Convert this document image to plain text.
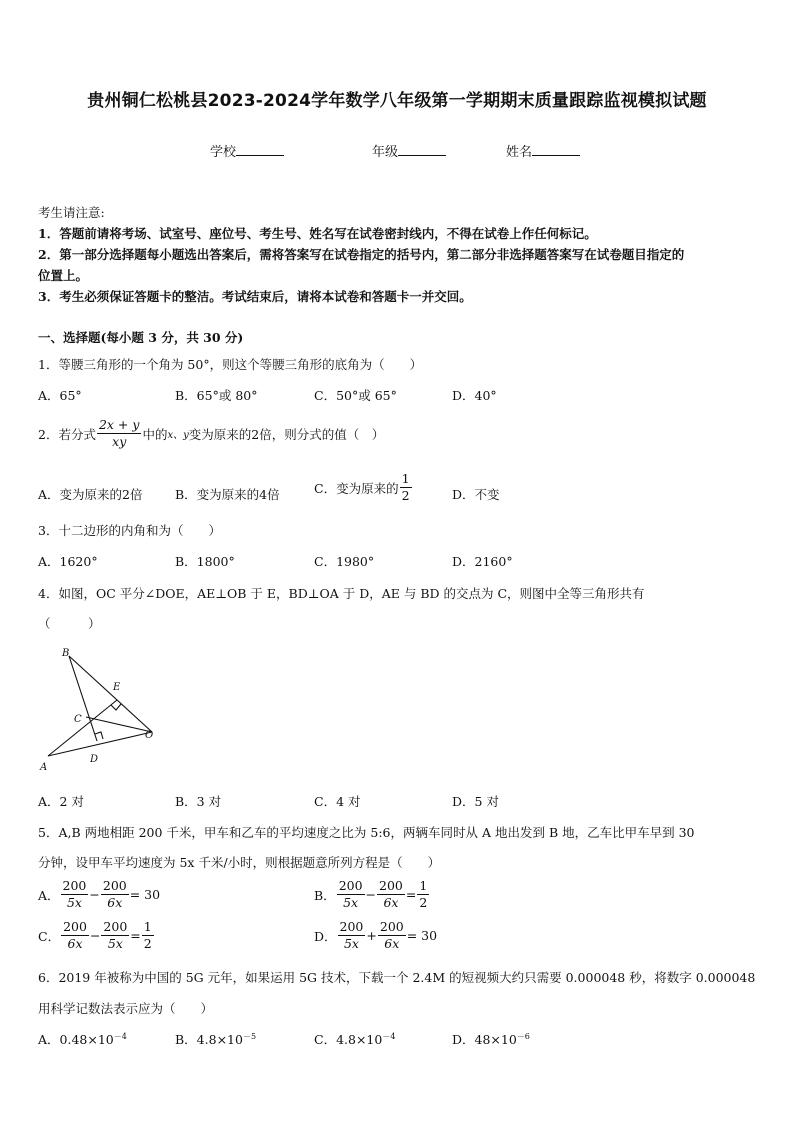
贵州铜仁松桃县2023-2024学年数学八年级第一学期期末质量跟踪监视模拟试题
学校	年级	姓名
考生请注意:
1．答题前请将考场、试室号、座位号、考生号、姓名写在试卷密封线内，不得在试卷上作任何标记。
2．第一部分选择题每小题选出答案后，需将答案写在试卷指定的括号内，第二部分非选择题答案写在试卷题目指定的
位置上。
3．考生必须保证答题卡的整洁。考试结束后，请将本试卷和答题卡一并交回。
一、选择题(每小题 3 分，共 30 分)
1．等腰三角形的一个角为 50°，则这个等腰三角形的底角为（　　）
A．65°	B．65°或 80°	C．50°或 65°	D．40°
2．若分式 $\frac{2x + y}{xy}$ 中的 x、y 变为原来的2倍，则分式的值（　）
A．变为原来的2倍	B．变为原来的4倍	C．变为原来的 $\frac{1}{2}$	D．不变
3．十二边形的内角和为（　　）
A．1620°	B．1800°	C．1980°	D．2160°
4．如图，OC 平分∠DOE，AE⊥OB 于 E，BD⊥OA 于 D，AE 与 BD 的交点为 C，则图中全等三角形共有
（　　　）
B
E
C
O
A
D
A．2 对	B．3 对	C．4 对	D．5 对
5．A,B 两地相距 200 千米，甲车和乙车的平均速度之比为 5:6，两辆车同时从 A 地出发到 B 地，乙车比甲车早到 30
分钟，设甲车平均速度为 5x 千米/小时，则根据题意所列方程是（　　）
A． $\frac{200}{5x} - \frac{200}{6x} = 30$	B． $\frac{200}{5x} - \frac{200}{6x} = \frac{1}{2}$
C． $\frac{200}{6x} - \frac{200}{5x} = \frac{1}{2}$	D． $\frac{200}{5x} + \frac{200}{6x} = 30$
6．2019 年被称为中国的 5G 元年，如果运用 5G 技术，下载一个 2.4M 的短视频大约只需要 0.000048 秒，将数字 0.000048
用科学记数法表示应为（　　）
A．$0.48\times 10^{-4}$	B．$4.8\times 10^{-5}$	C．$4.8\times 10^{-4}$	D．$48\times 10^{-6}$
